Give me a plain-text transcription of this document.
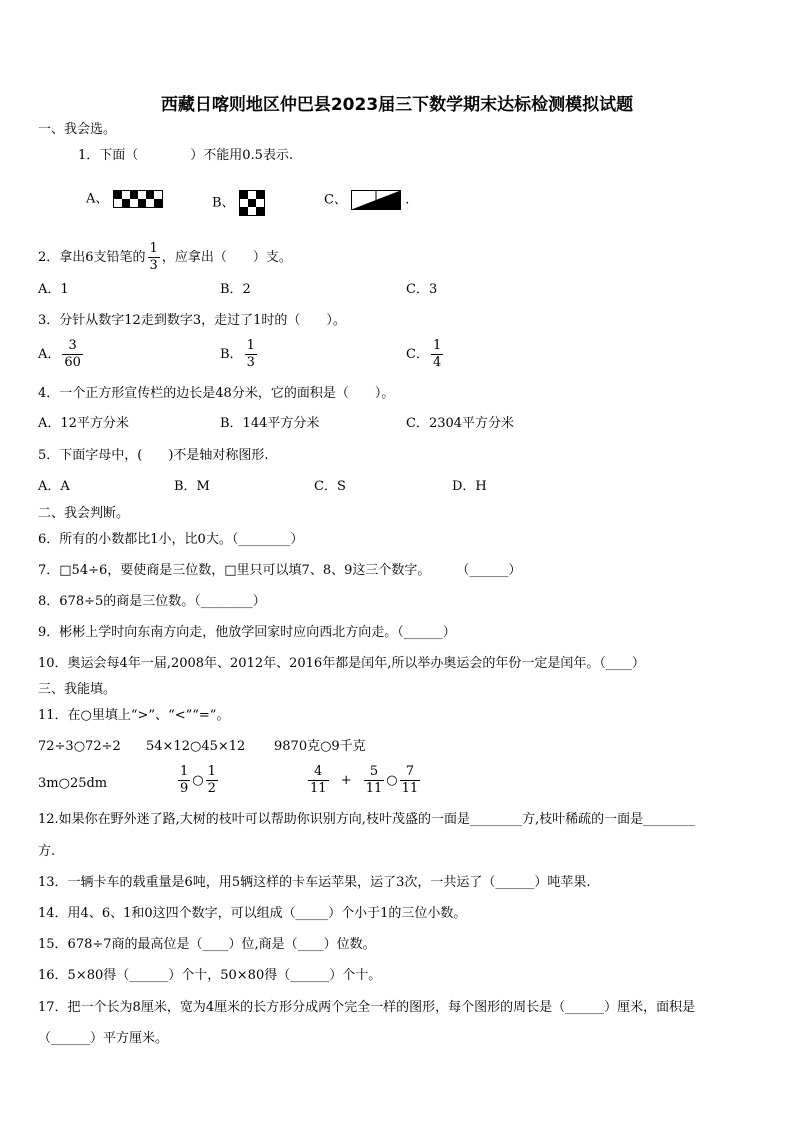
西藏日喀则地区仲巴县2023届三下数学期末达标检测模拟试题
一、我会选。
1．下面（　　　　）不能用0.5表示.
A、	B、	C、	.
2．拿出6支铅笔的 $\frac{1}{3}$ ，应拿出（　　）支。
A．1	B．2	C．3
3．分针从数字12走到数字3，走过了1时的（　　）。
A． $\frac{3}{60}$	B． $\frac{1}{3}$	C． $\frac{1}{4}$
4．一个正方形宣传栏的边长是48分米，它的面积是（　　）。
A．12平方分米	B．144平方分米	C．2304平方分米
5．下面字母中，(　　)不是轴对称图形.
A．A	B．M	C．S	D．H
二、我会判断。
6．所有的小数都比1小，比0大。（________）
7．□54÷6，要使商是三位数，□里只可以填7、8、9这三个数字。　　　（______）
8．678÷5的商是三位数。（________）
9．彬彬上学时向东南方向走，他放学回家时应向西北方向走。（______）
10．奥运会每4年一届,2008年、2012年、2016年都是闰年,所以举办奥运会的年份一定是闰年。（____）
三、我能填。
11．在○里填上“>”、“<”“=”。
72÷3○72÷2 54×12○45×12 9870克○9千克
3m○25dm	$\frac{1}{9}$ ○ $\frac{1}{2}$	$\frac{4}{11} + \frac{5}{11}$ ○ $\frac{7}{11}$
12.如果你在野外迷了路,大树的枝叶可以帮助你识别方向,枝叶茂盛的一面是________方,枝叶稀疏的一面是________
方.
13．一辆卡车的载重量是6吨，用5辆这样的卡车运苹果，运了3次，一共运了（______）吨苹果.
14．用4、6、1和0这四个数字，可以组成（_____）个小于1的三位小数。
15．678÷7商的最高位是（____）位,商是（____）位数。
16．5×80得（______）个十，50×80得（______）个十。
17．把一个长为8厘米，宽为4厘米的长方形分成两个完全一样的图形，每个图形的周长是（______）厘米，面积是
（______）平方厘米。
